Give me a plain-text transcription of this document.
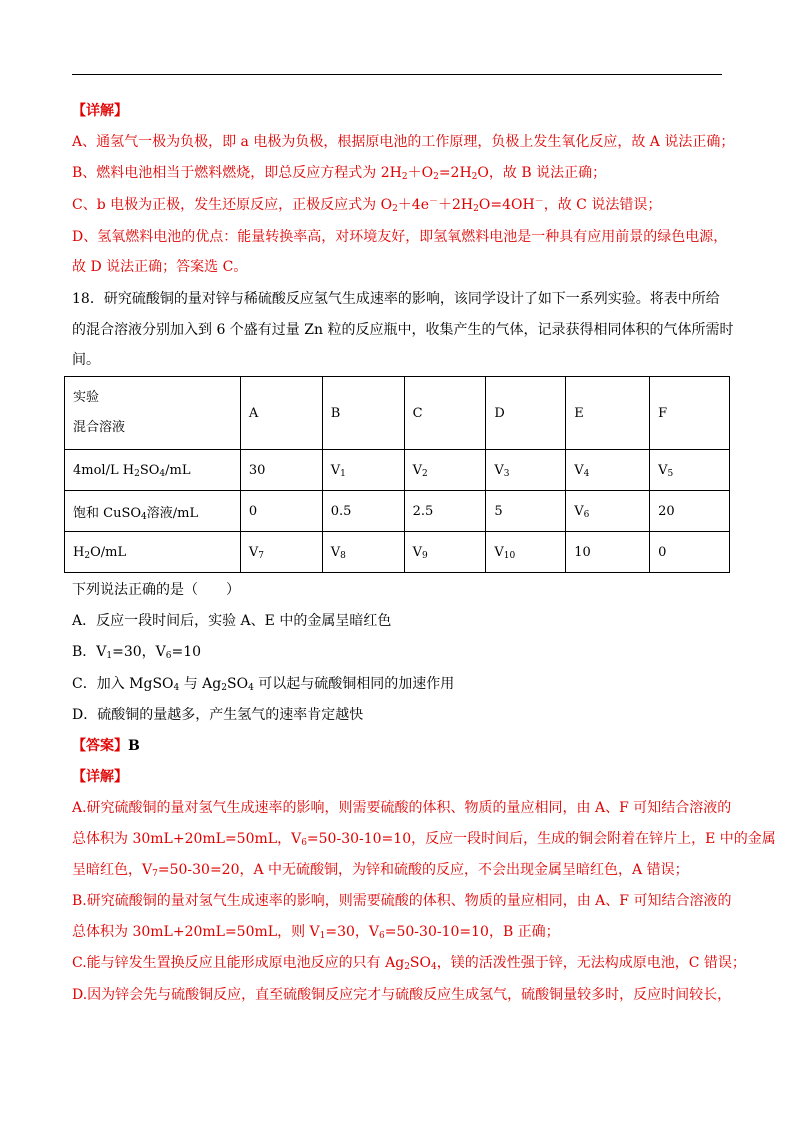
【详解】
A、通氢气一极为负极，即 a 电极为负极，根据原电池的工作原理，负极上发生氧化反应，故 A 说法正确；
B、燃料电池相当于燃料燃烧，即总反应方程式为 $2H_2+O_2=2H_2O$，故 B 说法正确；
C、b 电极为正极，发生还原反应，正极反应式为 $O_2+4e^-+2H_2O=4OH^-$，故 C 说法错误；
D、氢氧燃料电池的优点：能量转换率高，对环境友好，即氢氧燃料电池是一种具有应用前景的绿色电源，
故 D 说法正确；答案选 C。
18．研究硫酸铜的量对锌与稀硫酸反应氢气生成速率的影响，该同学设计了如下一系列实验。将表中所给
的混合溶液分别加入到 6 个盛有过量 Zn 粒的反应瓶中，收集产生的气体，记录获得相同体积的气体所需时
间。
实验
混合溶液	A	B	C	D	E	F
4mol/L $H_2SO_4/mL$	30	$V_1$	$V_2$	$V_3$	$V_4$	$V_5$
饱和 CuSO$_4$溶液/mL	0	0.5	2.5	5	$V_6$	20
$H_2O/mL$	$V_7$	$V_8$	$V_9$	$V_{10}$	10	0
下列说法正确的是（　　）
A．反应一段时间后，实验 A、E 中的金属呈暗红色
B．$V_1=30$，$V_6=10$
C．加入 MgSO$_4$ 与 $Ag_2SO_4$ 可以起与硫酸铜相同的加速作用
D．硫酸铜的量越多，产生氢气的速率肯定越快
【答案】B
【详解】
A.研究硫酸铜的量对氢气生成速率的影响，则需要硫酸的体积、物质的量应相同，由 A、F 可知结合溶液的
总体积为 30mL+20mL=50mL，$V_6=50-30-10=10$，反应一段时间后，生成的铜会附着在锌片上，E 中的金属
呈暗红色，$V_7=50-30=20$，A 中无硫酸铜，为锌和硫酸的反应，不会出现金属呈暗红色，A 错误；
B.研究硫酸铜的量对氢气生成速率的影响，则需要硫酸的体积、物质的量应相同，由 A、F 可知结合溶液的
总体积为 30mL+20mL=50mL，则 $V_1=30$，$V_6=50-30-10=10$，B 正确；
C.能与锌发生置换反应且能形成原电池反应的只有 $Ag_2SO_4$，镁的活泼性强于锌，无法构成原电池，C 错误；
D.因为锌会先与硫酸铜反应，直至硫酸铜反应完才与硫酸反应生成氢气，硫酸铜量较多时，反应时间较长，
